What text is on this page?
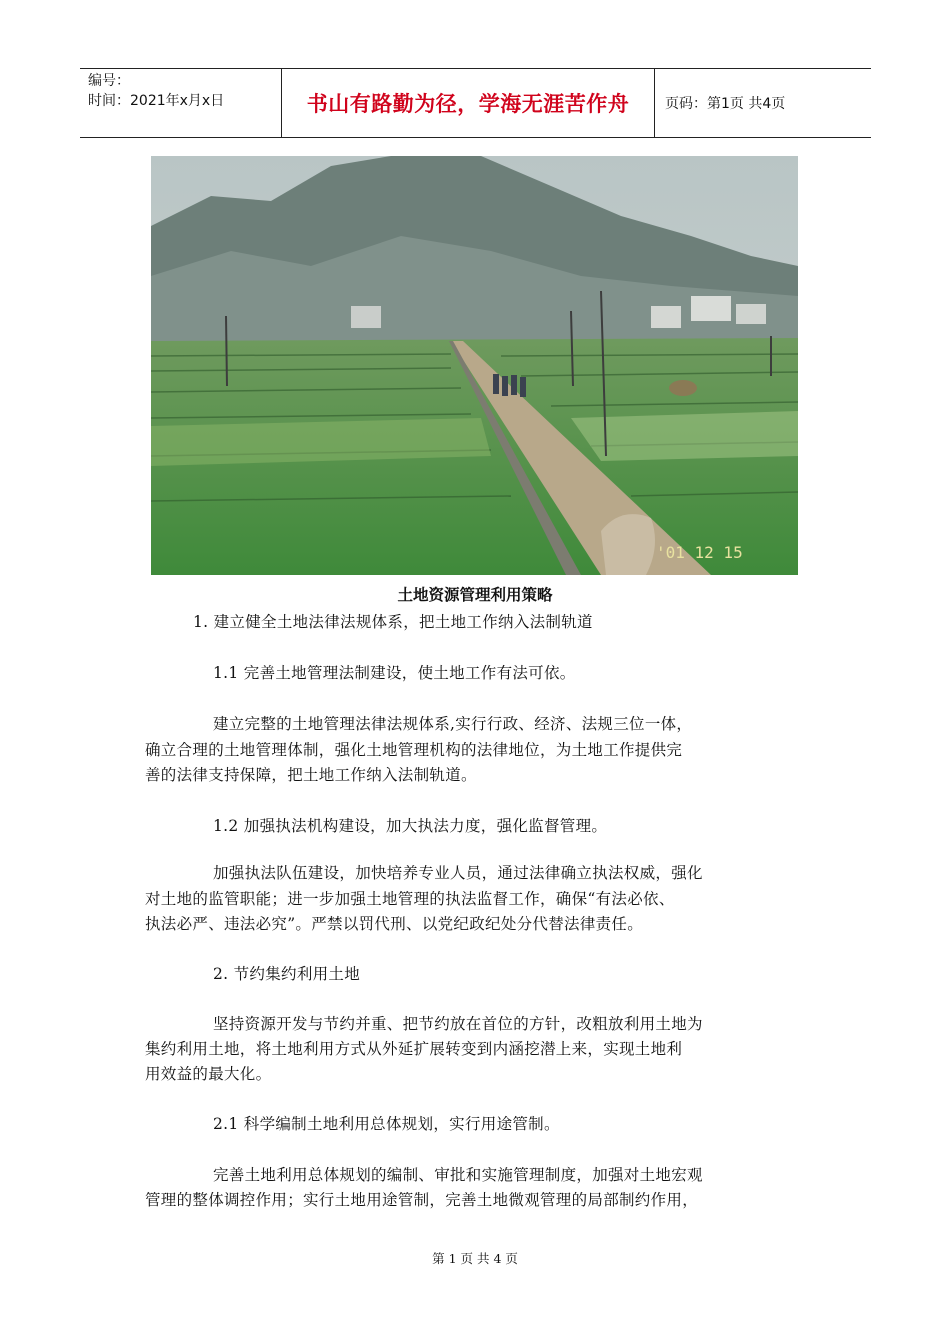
编号：
时间：2021年x月x日	书山有路勤为径，学海无涯苦作舟	页码：第1页 共4页
'01 12 15
土地资源管理利用策略
1. 建立健全土地法律法规体系，把土地工作纳入法制轨道
1.1 完善土地管理法制建设，使土地工作有法可依。
建立完整的土地管理法律法规体系,实行行政、经济、法规三位一体，
确立合理的土地管理体制，强化土地管理机构的法律地位，为土地工作提供完
善的法律支持保障，把土地工作纳入法制轨道。
1.2 加强执法机构建设，加大执法力度，强化监督管理。
加强执法队伍建设，加快培养专业人员，通过法律确立执法权威，强化
对土地的监管职能；进一步加强土地管理的执法监督工作，确保“有法必依、
执法必严、违法必究”。严禁以罚代刑、以党纪政纪处分代替法律责任。
2. 节约集约利用土地
坚持资源开发与节约并重、把节约放在首位的方针，改粗放利用土地为
集约利用土地，将土地利用方式从外延扩展转变到内涵挖潜上来，实现土地利
用效益的最大化。
2.1 科学编制土地利用总体规划，实行用途管制。
完善土地利用总体规划的编制、审批和实施管理制度，加强对土地宏观
管理的整体调控作用；实行土地用途管制，完善土地微观管理的局部制约作用，
第 1 页 共 4 页
